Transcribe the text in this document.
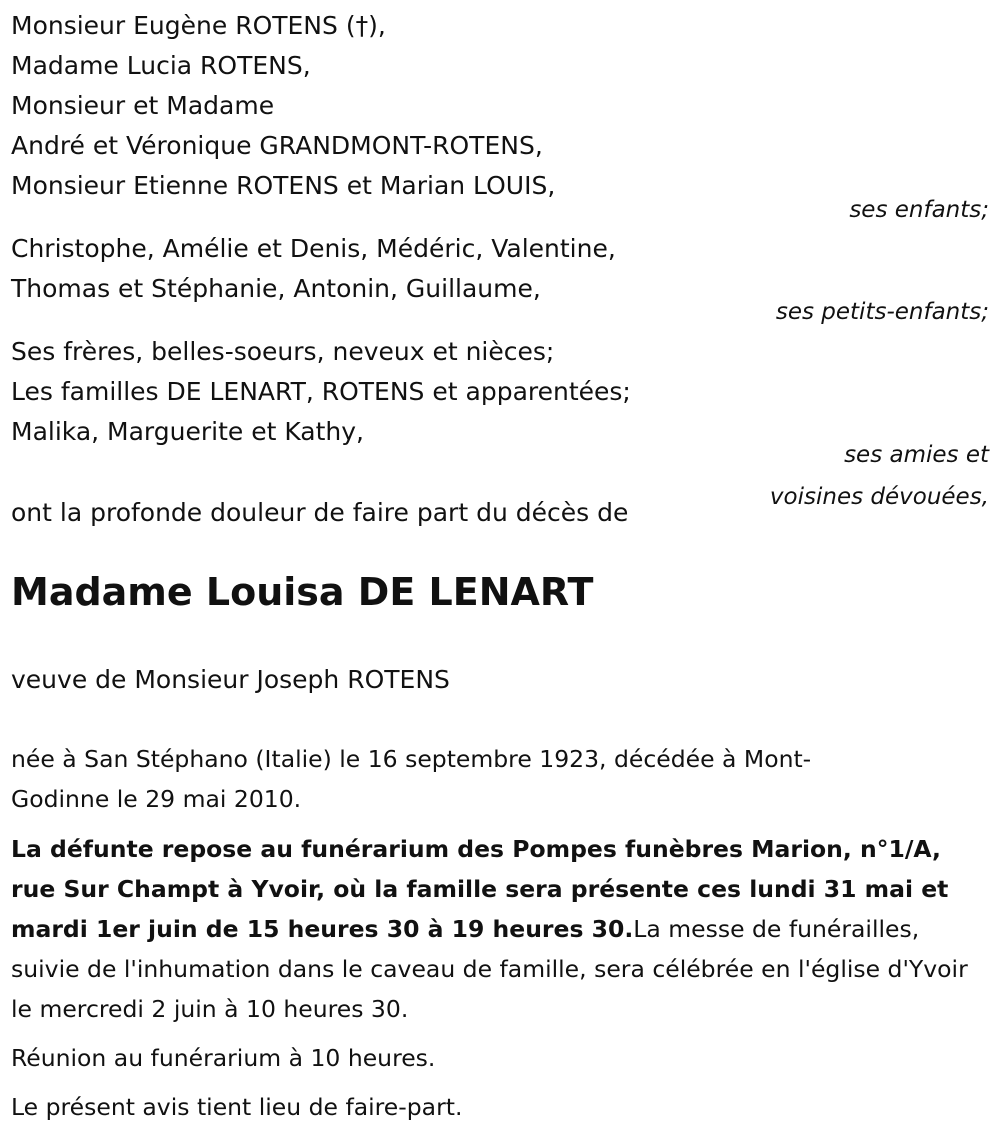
Monsieur Eugène ROTENS (†),
Madame Lucia ROTENS,
Monsieur et Madame
André et Véronique GRANDMONT-ROTENS,
Monsieur Etienne ROTENS et Marian LOUIS,
ses enfants;
Christophe, Amélie et Denis, Médéric, Valentine,
Thomas et Stéphanie, Antonin, Guillaume,
ses petits-enfants;
Ses frères, belles-soeurs, neveux et nièces;
Les familles DE LENART, ROTENS et apparentées;
Malika, Marguerite et Kathy,
ses amies et
voisines dévouées,
ont la profonde douleur de faire part du décès de
Madame Louisa DE LENART
veuve de Monsieur Joseph ROTENS
née à San Stéphano (Italie) le 16 septembre 1923, décédée à Mont-Godinne le 29 mai 2010.
La défunte repose au funérarium des Pompes funèbres Marion, n°1/A, rue Sur Champt à Yvoir, où la famille sera présente ces lundi 31 mai et mardi 1er juin de 15 heures 30 à 19 heures 30.La messe de funérailles, suivie de l'inhumation dans le caveau de famille, sera célébrée en l'église d'Yvoir le mercredi 2 juin à 10 heures 30.
Réunion au funérarium à 10 heures.
Le présent avis tient lieu de faire-part.
